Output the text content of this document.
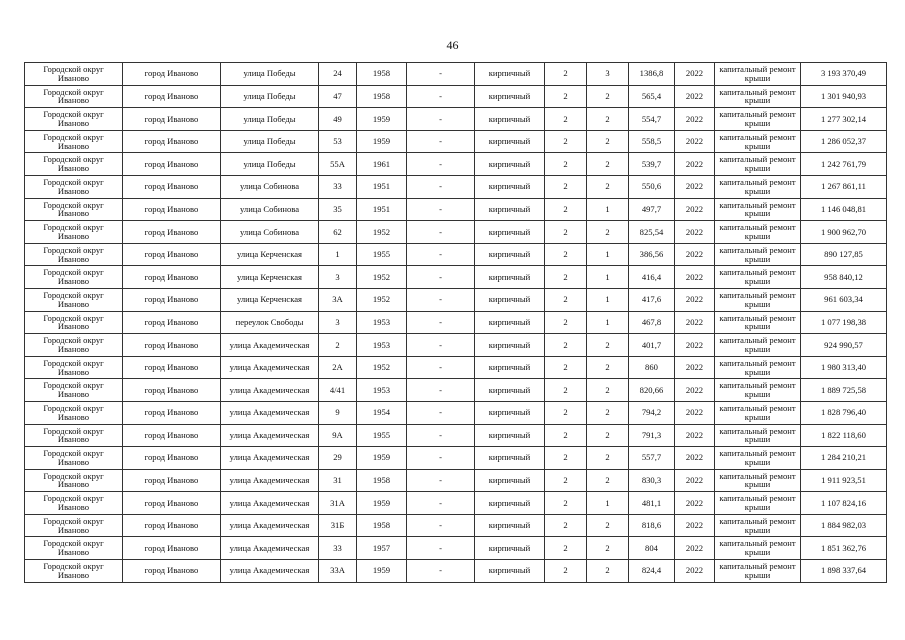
46
Городской округ Иваново	город Иваново	улица Победы	24	1958	-	кирпичный	2	3	1386,8	2022	капитальный ремонт крыши	3 193 370,49
Городской округ Иваново	город Иваново	улица Победы	47	1958	-	кирпичный	2	2	565,4	2022	капитальный ремонт крыши	1 301 940,93
Городской округ Иваново	город Иваново	улица Победы	49	1959	-	кирпичный	2	2	554,7	2022	капитальный ремонт крыши	1 277 302,14
Городской округ Иваново	город Иваново	улица Победы	53	1959	-	кирпичный	2	2	558,5	2022	капитальный ремонт крыши	1 286 052,37
Городской округ Иваново	город Иваново	улица Победы	55А	1961	-	кирпичный	2	2	539,7	2022	капитальный ремонт крыши	1 242 761,79
Городской округ Иваново	город Иваново	улица Собинова	33	1951	-	кирпичный	2	2	550,6	2022	капитальный ремонт крыши	1 267 861,11
Городской округ Иваново	город Иваново	улица Собинова	35	1951	-	кирпичный	2	1	497,7	2022	капитальный ремонт крыши	1 146 048,81
Городской округ Иваново	город Иваново	улица Собинова	62	1952	-	кирпичный	2	2	825,54	2022	капитальный ремонт крыши	1 900 962,70
Городской округ Иваново	город Иваново	улица Керченская	1	1955	-	кирпичный	2	1	386,56	2022	капитальный ремонт крыши	890 127,85
Городской округ Иваново	город Иваново	улица Керченская	3	1952	-	кирпичный	2	1	416,4	2022	капитальный ремонт крыши	958 840,12
Городской округ Иваново	город Иваново	улица Керченская	3А	1952	-	кирпичный	2	1	417,6	2022	капитальный ремонт крыши	961 603,34
Городской округ Иваново	город Иваново	переулок Свободы	3	1953	-	кирпичный	2	1	467,8	2022	капитальный ремонт крыши	1 077 198,38
Городской округ Иваново	город Иваново	улица Академическая	2	1953	-	кирпичный	2	2	401,7	2022	капитальный ремонт крыши	924 990,57
Городской округ Иваново	город Иваново	улица Академическая	2А	1952	-	кирпичный	2	2	860	2022	капитальный ремонт крыши	1 980 313,40
Городской округ Иваново	город Иваново	улица Академическая	4/41	1953	-	кирпичный	2	2	820,66	2022	капитальный ремонт крыши	1 889 725,58
Городской округ Иваново	город Иваново	улица Академическая	9	1954	-	кирпичный	2	2	794,2	2022	капитальный ремонт крыши	1 828 796,40
Городской округ Иваново	город Иваново	улица Академическая	9А	1955	-	кирпичный	2	2	791,3	2022	капитальный ремонт крыши	1 822 118,60
Городской округ Иваново	город Иваново	улица Академическая	29	1959	-	кирпичный	2	2	557,7	2022	капитальный ремонт крыши	1 284 210,21
Городской округ Иваново	город Иваново	улица Академическая	31	1958	-	кирпичный	2	2	830,3	2022	капитальный ремонт крыши	1 911 923,51
Городской округ Иваново	город Иваново	улица Академическая	31А	1959	-	кирпичный	2	1	481,1	2022	капитальный ремонт крыши	1 107 824,16
Городской округ Иваново	город Иваново	улица Академическая	31Б	1958	-	кирпичный	2	2	818,6	2022	капитальный ремонт крыши	1 884 982,03
Городской округ Иваново	город Иваново	улица Академическая	33	1957	-	кирпичный	2	2	804	2022	капитальный ремонт крыши	1 851 362,76
Городской округ Иваново	город Иваново	улица Академическая	33А	1959	-	кирпичный	2	2	824,4	2022	капитальный ремонт крыши	1 898 337,64
